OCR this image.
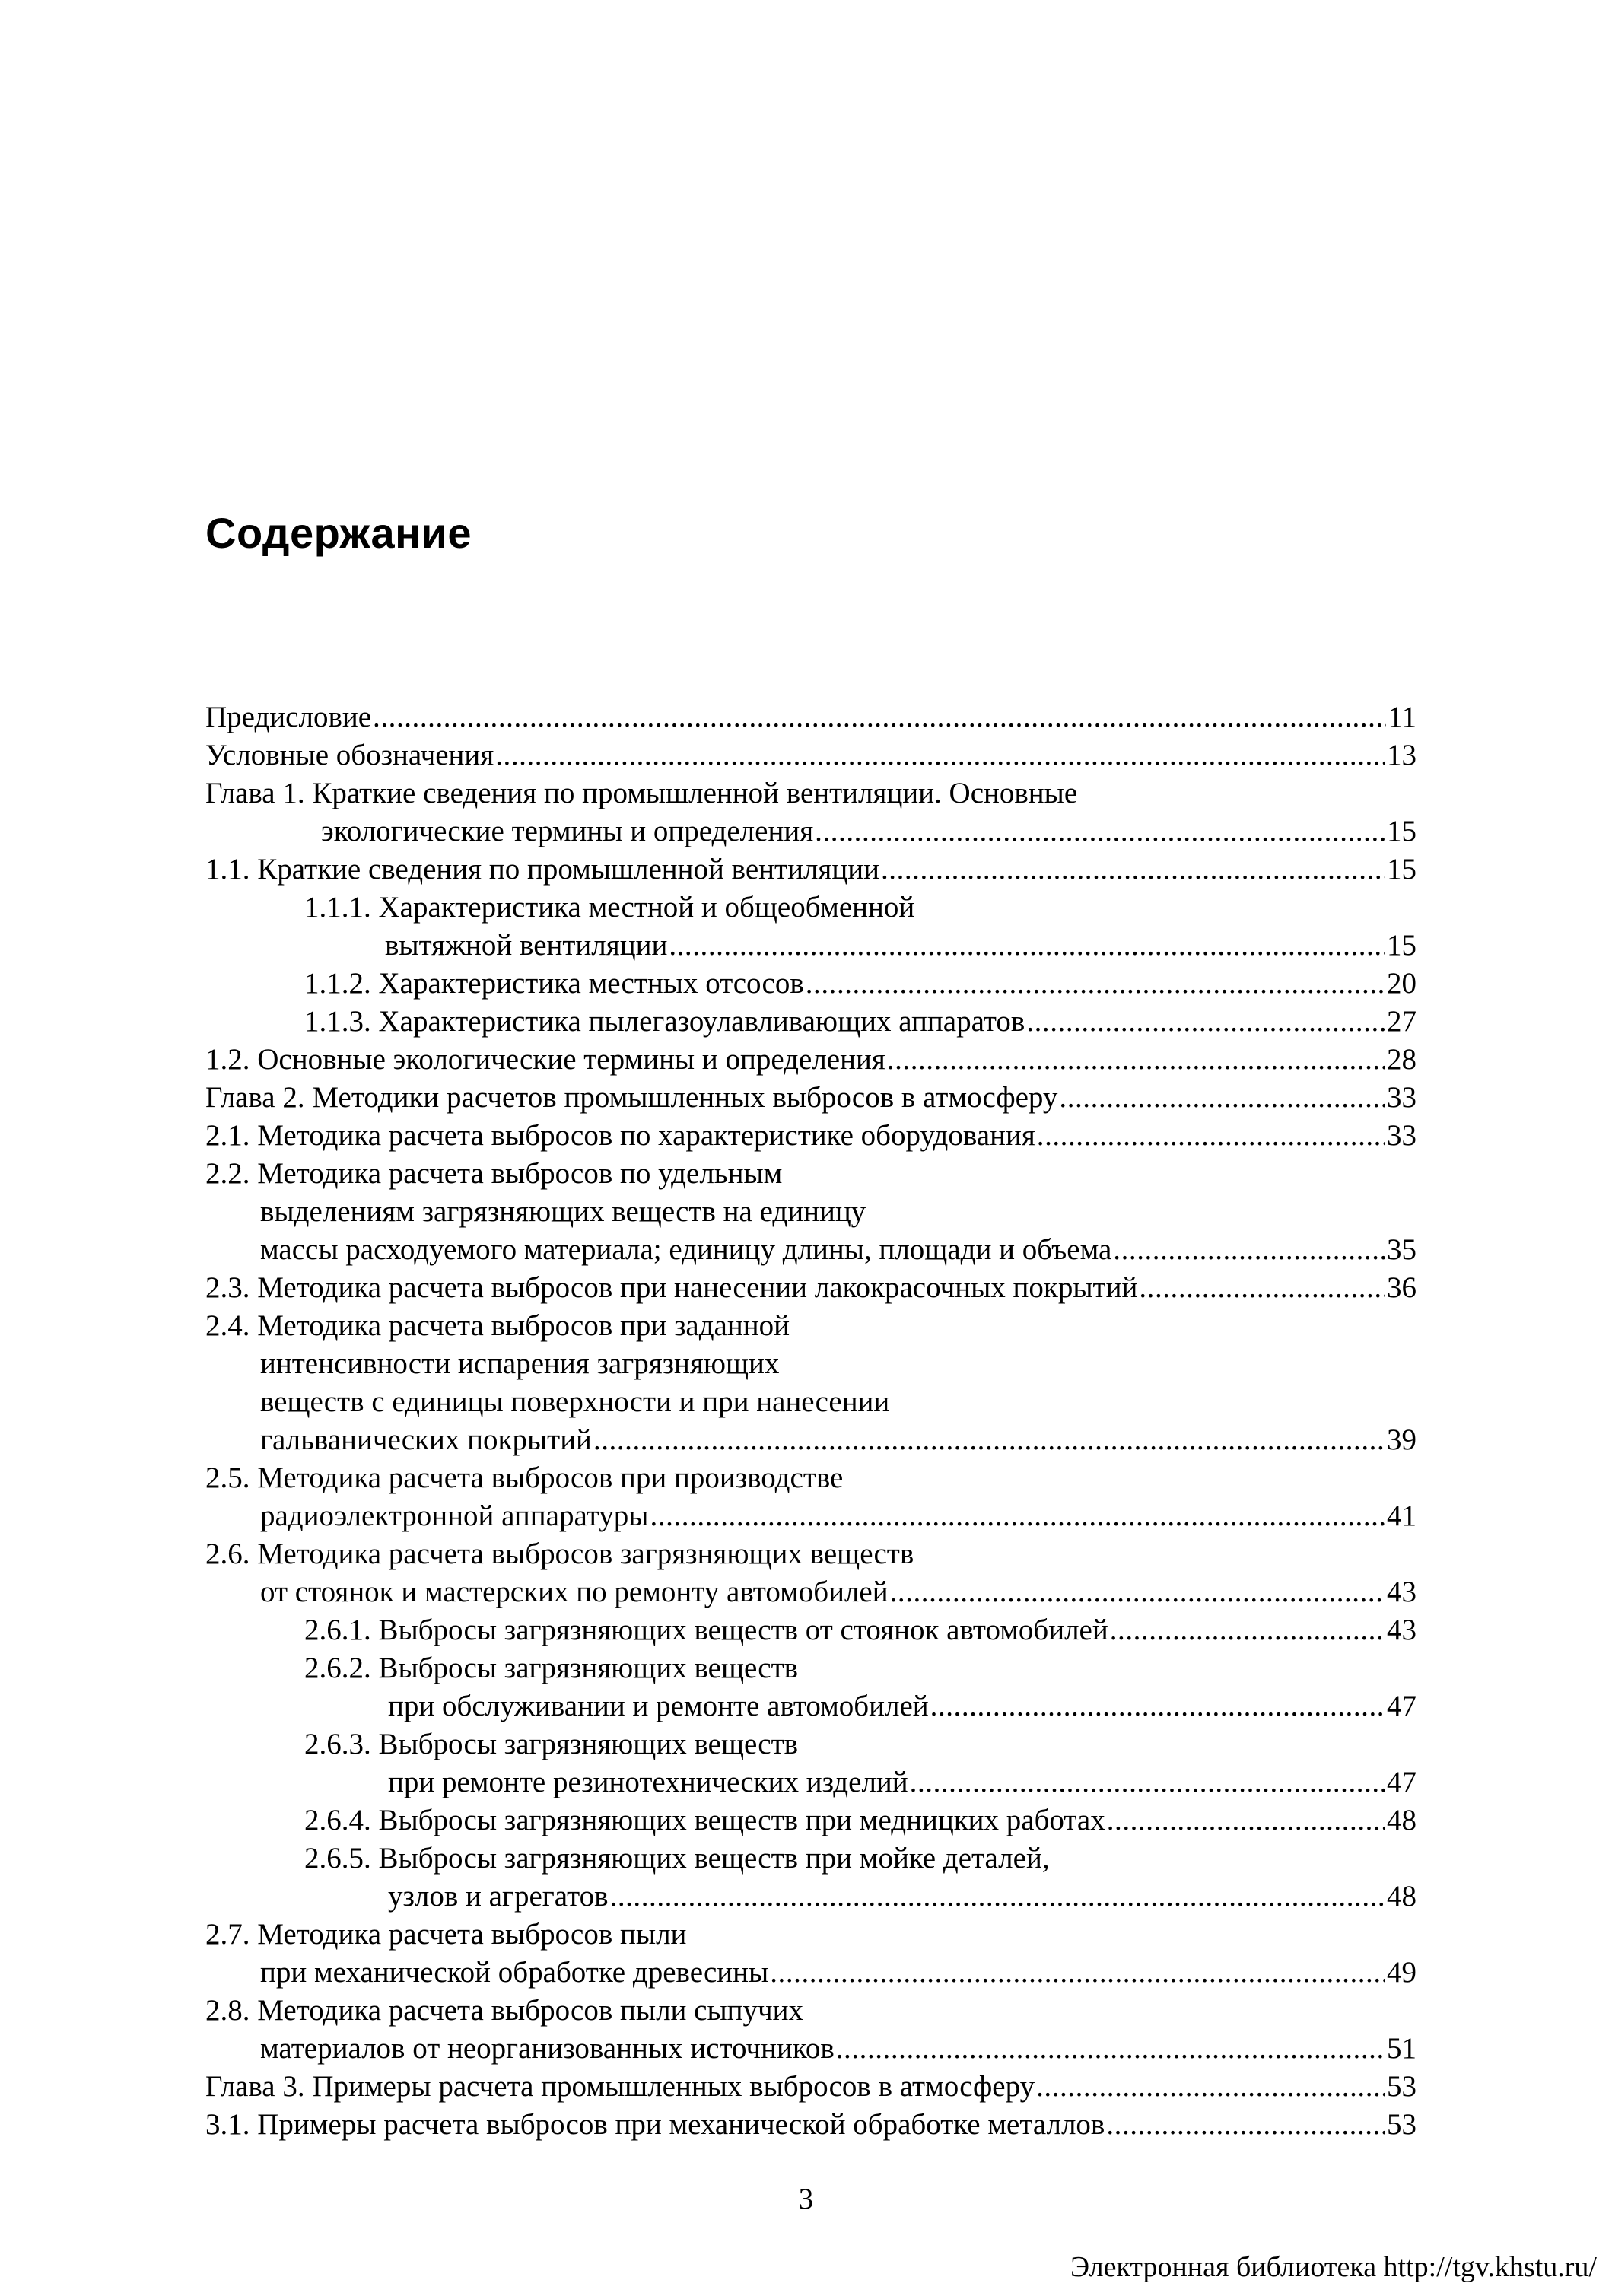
Содержание
Предисловие . . .	11
Условные обозначения . . .	13
Глава 1. Краткие сведения по промышленной вентиляции. Основные
экологические термины и определения . . .	15
1.1. Краткие сведения по промышленной вентиляции . . .	15
1.1.1. Характеристика местной и общеобменной
вытяжной вентиляции . . .	15
1.1.2. Характеристика местных отсосов . . .	20
1.1.3. Характеристика пылегазоулавливающих аппаратов . . .	27
1.2. Основные экологические термины и определения . . .	28
Глава 2. Методики расчетов промышленных выбросов в атмосферу . . .	33
2.1. Методика расчета выбросов по характеристике оборудования . . .	33
2.2. Методика расчета выбросов по удельным
выделениям загрязняющих веществ на единицу
массы расходуемого материала; единицу длины, площади и объема . . .	35
2.3. Методика расчета выбросов при нанесении лакокрасочных покрытий . . .	36
2.4. Методика расчета выбросов при заданной
интенсивности испарения загрязняющих
веществ с единицы поверхности и при нанесении
гальванических покрытий . . .	39
2.5. Методика расчета выбросов при производстве
радиоэлектронной аппаратуры . . .	41
2.6. Методика расчета выбросов загрязняющих веществ
от стоянок и мастерских по ремонту автомобилей . . .	43
2.6.1. Выбросы загрязняющих веществ от стоянок автомобилей . . .	43
2.6.2. Выбросы загрязняющих веществ
при обслуживании и ремонте автомобилей . . .	47
2.6.3. Выбросы загрязняющих веществ
при ремонте резинотехнических изделий . . .	47
2.6.4. Выбросы загрязняющих веществ при медницких работах . . .	48
2.6.5. Выбросы загрязняющих веществ при мойке деталей,
узлов и агрегатов . . .	48
2.7. Методика расчета выбросов пыли
при механической обработке древесины . . .	49
2.8. Методика расчета выбросов пыли сыпучих
материалов от неорганизованных источников . . .	51
Глава 3. Примеры расчета промышленных выбросов в атмосферу . . .	53
3.1. Примеры расчета выбросов при механической обработке металлов . . .	53
3
Электронная библиотека http://tgv.khstu.ru/
